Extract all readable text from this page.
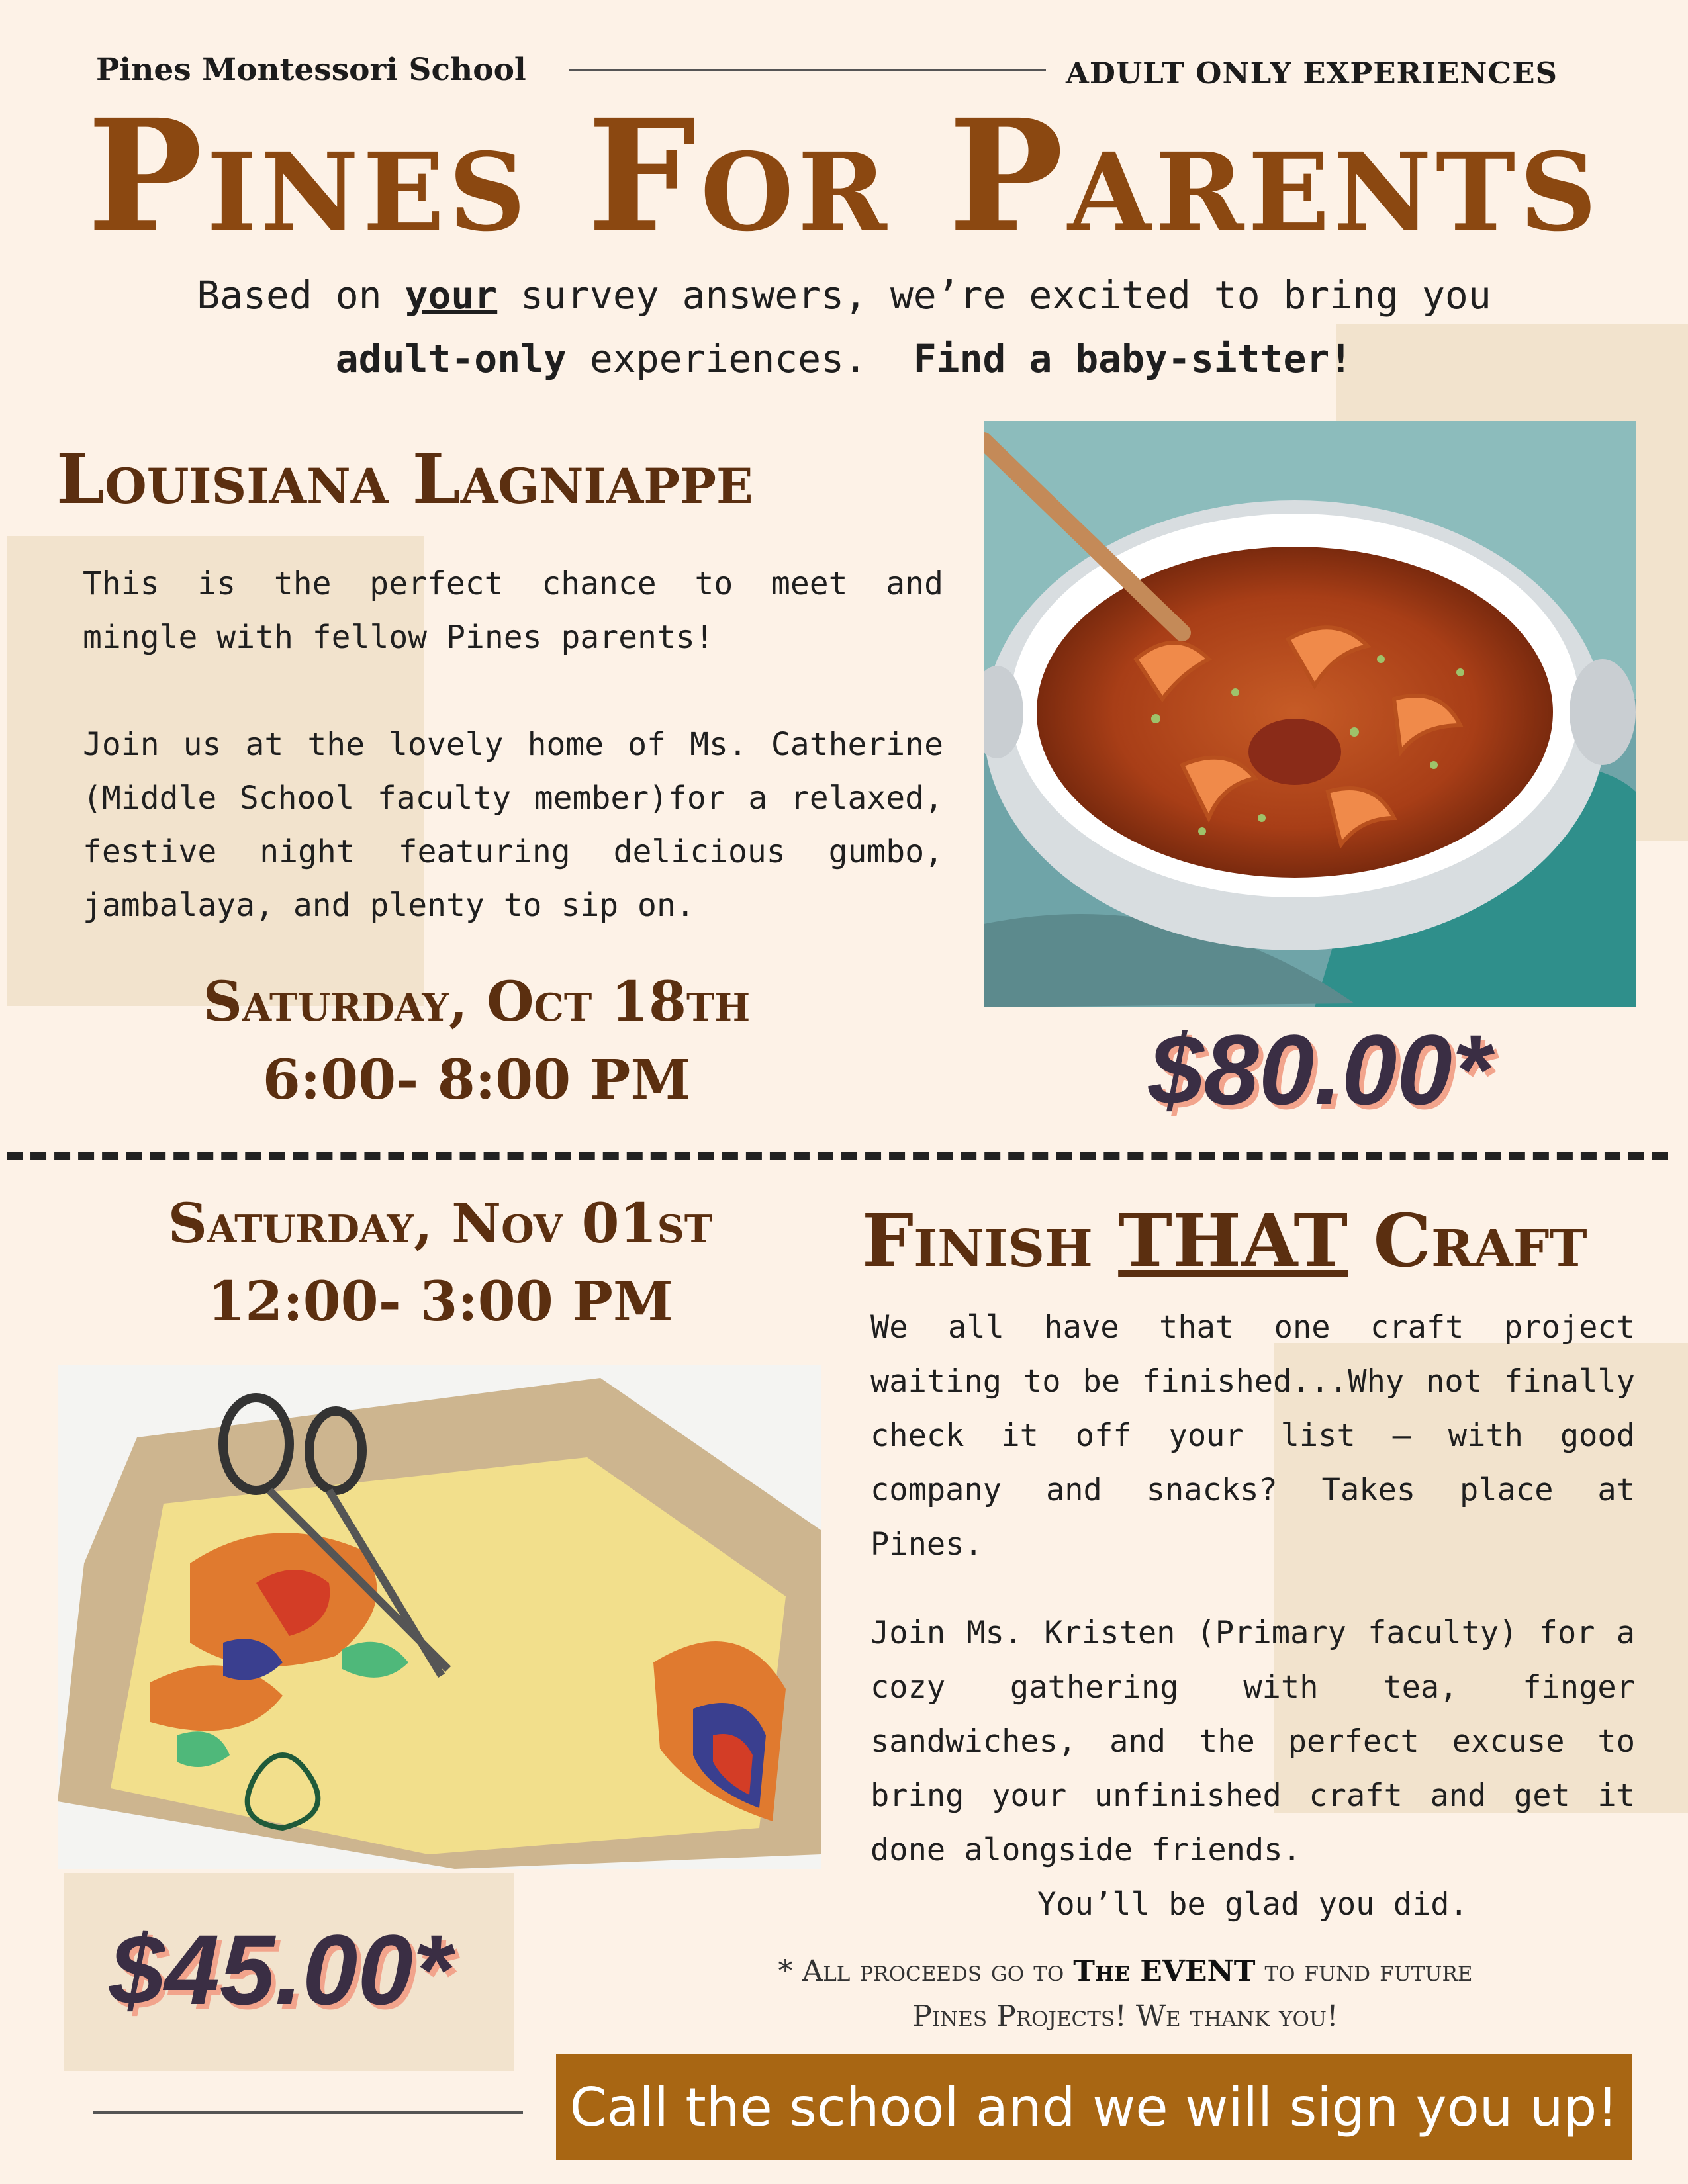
Pines Montessori School	ADULT ONLY EXPERIENCES
Pines For Parents
Based on your survey answers, we’re excited to bring you
adult-only experiences.  Find a baby-sitter!
Louisiana Lagniappe
This is the perfect chance to meet and mingle with fellow Pines parents!
Join us at the lovely home of Ms. Catherine (Middle School faculty member)for a relaxed, festive night featuring delicious gumbo, jambalaya, and plenty to sip on.
Saturday, Oct 18th
6:00- 8:00 PM	$80.00*
Saturday, Nov 01st
12:00- 3:00 PM
Finish THAT Craft
We all have that one craft project waiting to be finished...Why not finally check it off your list — with good company and snacks? Takes place at Pines.
Join Ms. Kristen (Primary faculty) for a cozy gathering with tea, finger sandwiches, and the perfect excuse to bring your unfinished craft and get it done alongside friends.
You’ll be glad you did.
$45.00*	* All proceeds go to The EVENT to fund future
Pines Projects! We thank you!
Call the school and we will sign you up!
